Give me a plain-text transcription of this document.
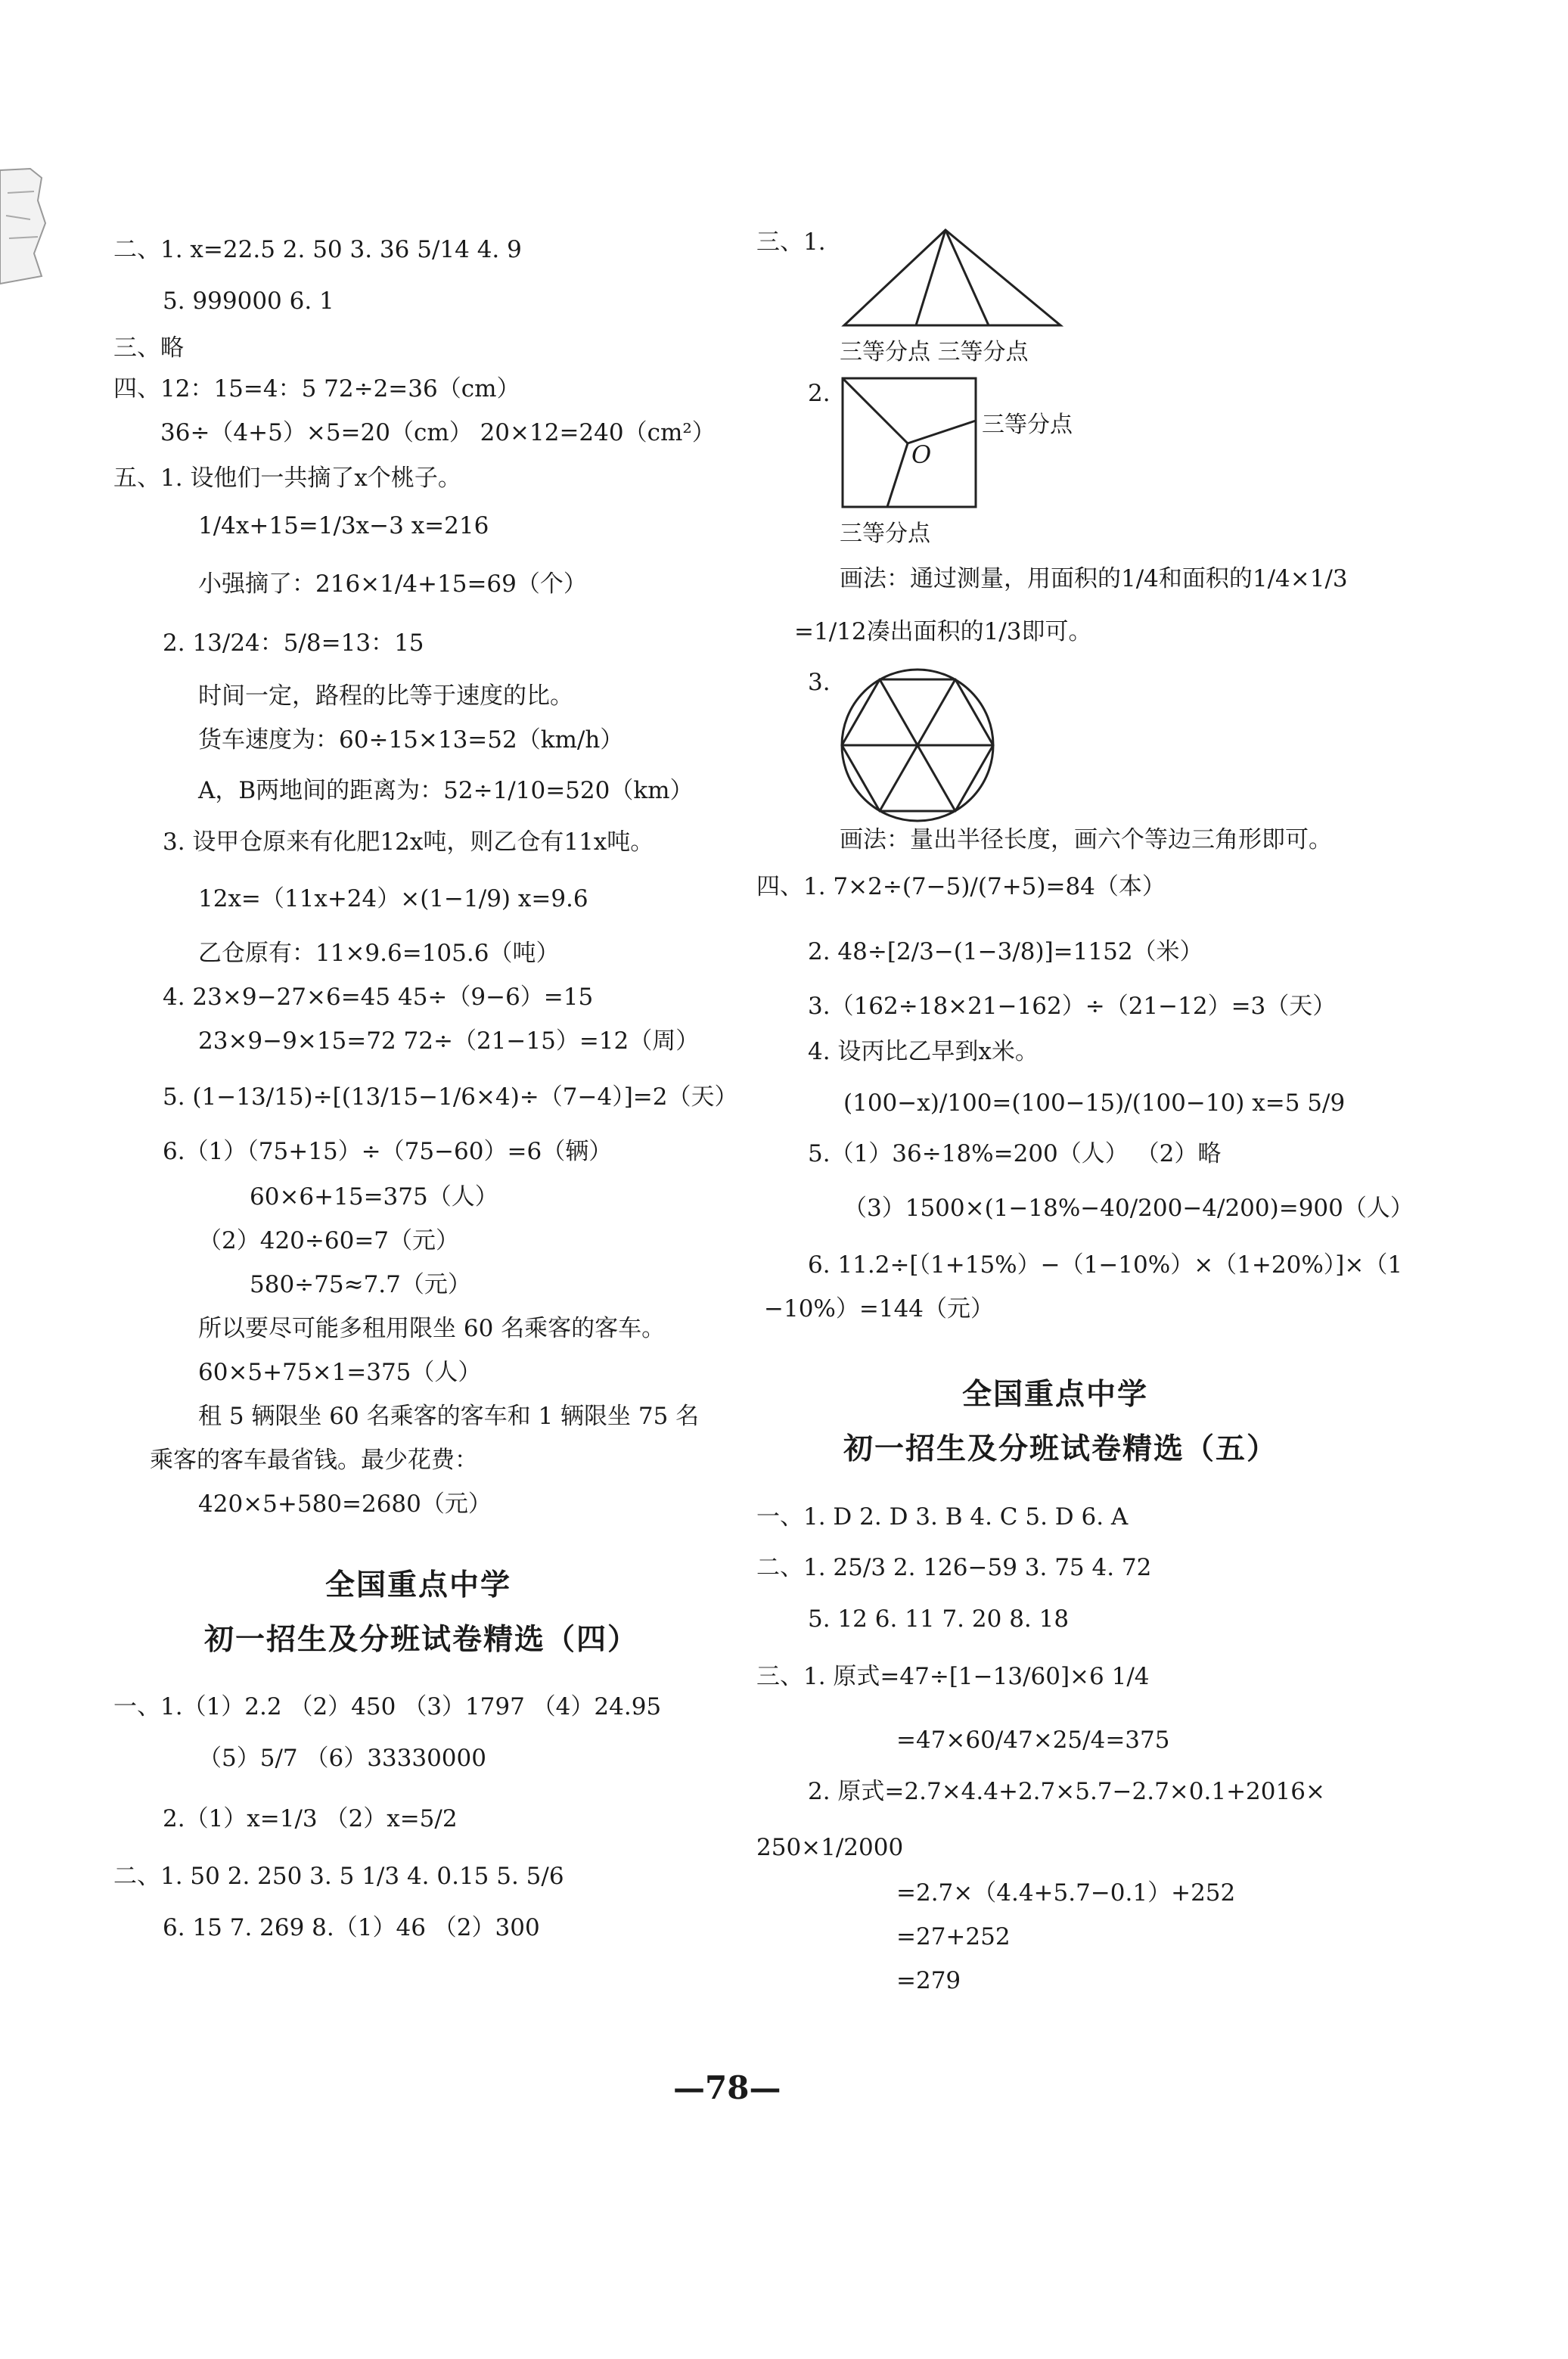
二、1. x=22.5 2. 50 3. 36 5/14 4. 9
5. 999000 6. 1
三、略
四、12：15=4：5 72÷2=36（cm）
36÷（4+5）×5=20（cm） 20×12=240（cm²）
五、1. 设他们一共摘了x个桃子。
1/4x+15=1/3x−3 x=216
小强摘了：216×1/4+15=69（个）
2. 13/24：5/8=13：15
时间一定，路程的比等于速度的比。
货车速度为：60÷15×13=52（km/h）
A，B两地间的距离为：52÷1/10=520（km）
3. 设甲仓原来有化肥12x吨，则乙仓有11x吨。
12x=（11x+24）×(1−1/9) x=9.6
乙仓原有：11×9.6=105.6（吨）
4. 23×9−27×6=45 45÷（9−6）=15
23×9−9×15=72 72÷（21−15）=12（周）
5. (1−13/15)÷[(13/15−1/6×4)÷（7−4）]=2（天）
6.（1）（75+15）÷（75−60）=6（辆）
60×6+15=375（人）
（2）420÷60=7（元）
580÷75≈7.7（元）
所以要尽可能多租用限坐 60 名乘客的客车。
60×5+75×1=375（人）
租 5 辆限坐 60 名乘客的客车和 1 辆限坐 75 名
乘客的客车最省钱。最少花费：
420×5+580=2680（元）
全国重点中学
初一招生及分班试卷精选（四）
一、1.（1）2.2 （2）450 （3）1797 （4）24.95
（5）5/7 （6）33330000
2.（1）x=1/3 （2）x=5/2
二、1. 50 2. 250 3. 5 1/3 4. 0.15 5. 5/6
6. 15 7. 269 8.（1）46 （2）300
三、1.
三等分点 三等分点
2.
O
三等分点
三等分点
画法：通过测量，用面积的1/4和面积的1/4×1/3
=1/12凑出面积的1/3即可。
3.
画法：量出半径长度，画六个等边三角形即可。
四、1. 7×2÷(7−5)/(7+5)=84（本）
2. 48÷[2/3−(1−3/8)]=1152（米）
3.（162÷18×21−162）÷（21−12）=3（天）
4. 设丙比乙早到x米。
(100−x)/100=(100−15)/(100−10) x=5 5/9
5.（1）36÷18%=200（人） （2）略
（3）1500×(1−18%−40/200−4/200)=900（人）
6. 11.2÷[（1+15%）−（1−10%）×（1+20%）]×（1
−10%）=144（元）
全国重点中学
初一招生及分班试卷精选（五）
一、1. D 2. D 3. B 4. C 5. D 6. A
二、1. 25/3 2. 126−59 3. 75 4. 72
5. 12 6. 11 7. 20 8. 18
三、1. 原式=47÷[1−13/60]×6 1/4
=47×60/47×25/4=375
2. 原式=2.7×4.4+2.7×5.7−2.7×0.1+2016×
250×1/2000
=2.7×（4.4+5.7−0.1）+252
=27+252
=279
—78—
